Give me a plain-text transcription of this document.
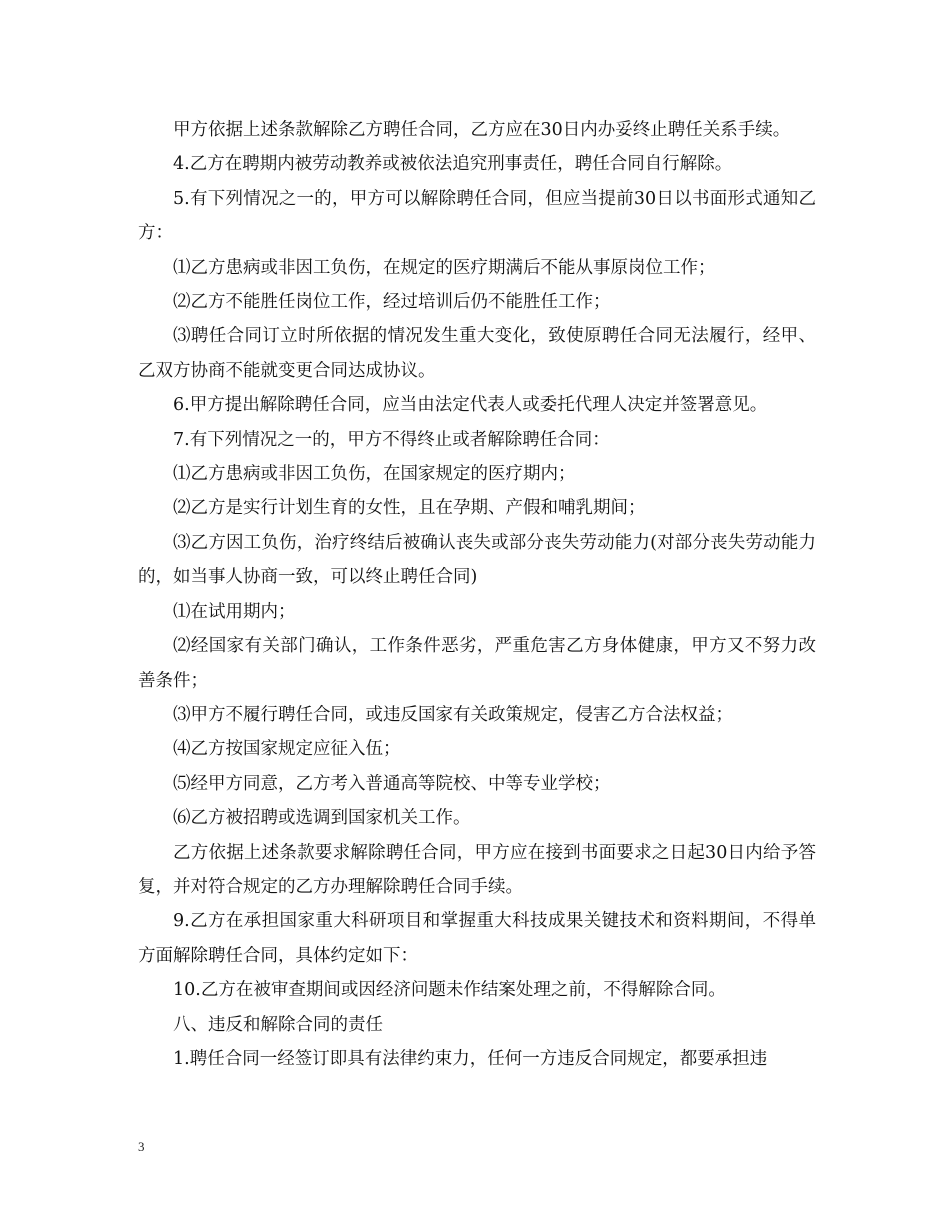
甲方依据上述条款解除乙方聘任合同，乙方应在30日内办妥终止聘任关系手续。

4.乙方在聘期内被劳动教养或被依法追究刑事责任，聘任合同自行解除。

5.有下列情况之一的，甲方可以解除聘任合同，但应当提前30日以书面形式通知乙方：

⑴乙方患病或非因工负伤，在规定的医疗期满后不能从事原岗位工作；

⑵乙方不能胜任岗位工作，经过培训后仍不能胜任工作；

⑶聘任合同订立时所依据的情况发生重大变化，致使原聘任合同无法履行，经甲、乙双方协商不能就变更合同达成协议。

6.甲方提出解除聘任合同，应当由法定代表人或委托代理人决定并签署意见。

7.有下列情况之一的，甲方不得终止或者解除聘任合同：

⑴乙方患病或非因工负伤，在国家规定的医疗期内；

⑵乙方是实行计划生育的女性，且在孕期、产假和哺乳期间；

⑶乙方因工负伤，治疗终结后被确认丧失或部分丧失劳动能力(对部分丧失劳动能力的，如当事人协商一致，可以终止聘任合同)

⑴在试用期内；

⑵经国家有关部门确认，工作条件恶劣，严重危害乙方身体健康，甲方又不努力改善条件；

⑶甲方不履行聘任合同，或违反国家有关政策规定，侵害乙方合法权益；

⑷乙方按国家规定应征入伍；

⑸经甲方同意，乙方考入普通高等院校、中等专业学校；

⑹乙方被招聘或选调到国家机关工作。

乙方依据上述条款要求解除聘任合同，甲方应在接到书面要求之日起30日内给予答复，并对符合规定的乙方办理解除聘任合同手续。

9.乙方在承担国家重大科研项目和掌握重大科技成果关键技术和资料期间，不得单方面解除聘任合同，具体约定如下：

10.乙方在被审查期间或因经济问题未作结案处理之前，不得解除合同。

八、违反和解除合同的责任

1.聘任合同一经签订即具有法律约束力，任何一方违反合同规定，都要承担违

3
